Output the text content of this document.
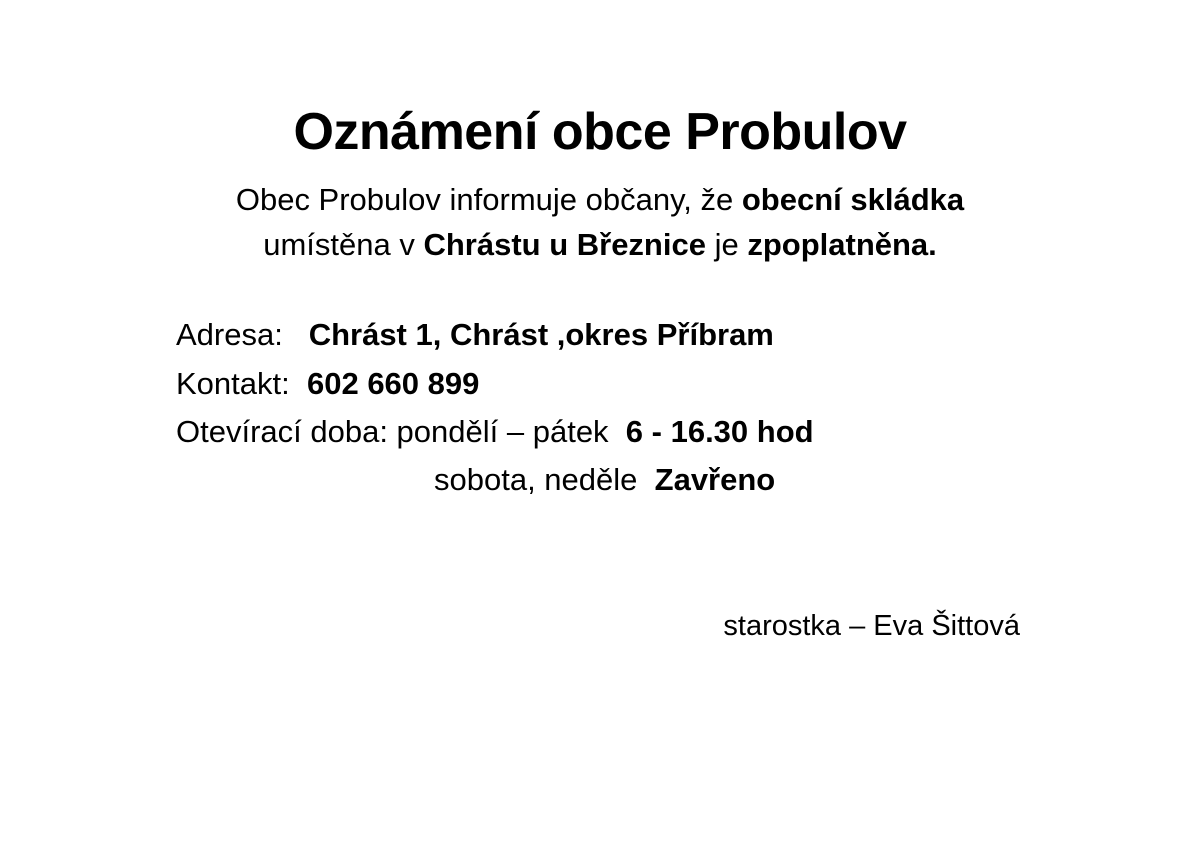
Oznámení obce Probulov

Obec Probulov informuje občany, že obecní skládka
umístěna v Chrástu u Březnice je zpoplatněna.

Adresa: Chrást 1, Chrást ,okres Příbram
Kontakt: 602 660 899
Otevírací doba: pondělí – pátek 6 - 16.30 hod
sobota, neděle Zavřeno
starostka – Eva Šittová
